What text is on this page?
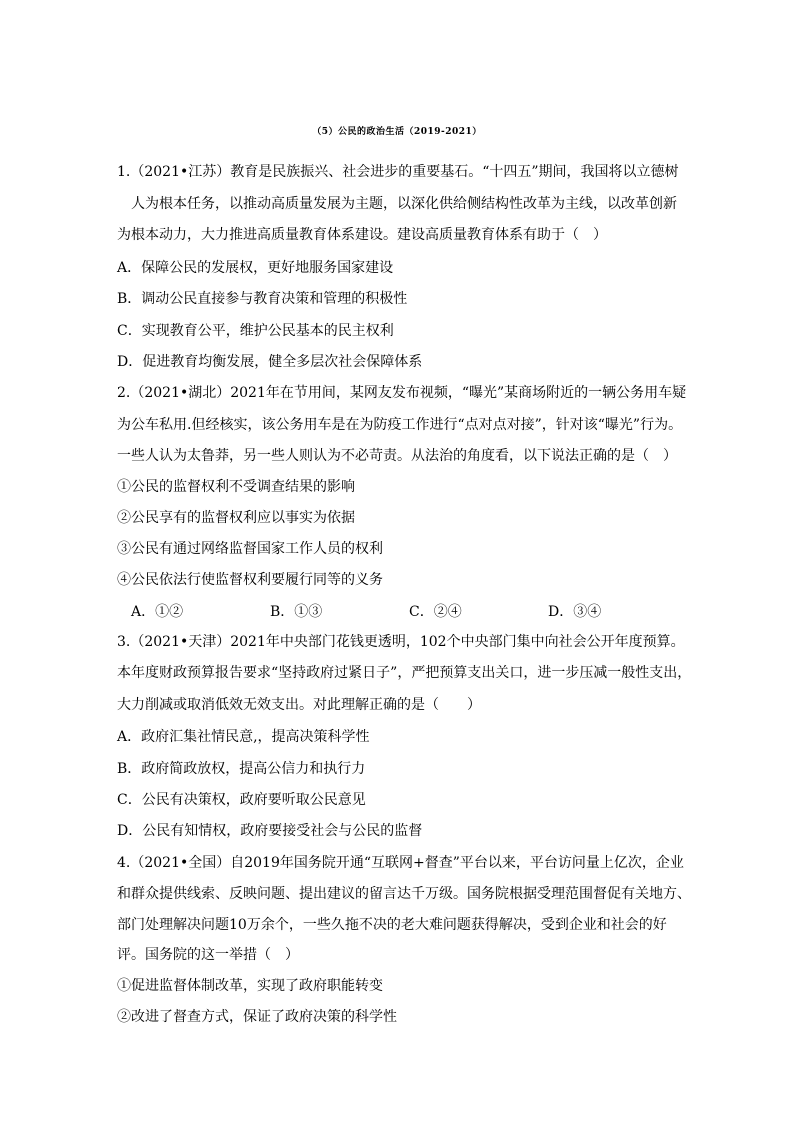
（5）公民的政治生活（2019-2021）
1.（2021•江苏）教育是民族振兴、社会进步的重要基石。“十四五”期间，我国将以立德树
人为根本任务，以推动高质量发展为主题，以深化供给侧结构性改革为主线，以改革创新
为根本动力，大力推进高质量教育体系建设。建设高质量教育体系有助于（　）
A．保障公民的发展权，更好地服务国家建设
B．调动公民直接参与教育决策和管理的积极性
C．实现教育公平，维护公民基本的民主权利
D．促进教育均衡发展，健全多层次社会保障体系
2.（2021•湖北）2021年在节用间，某网友发布视频，“曝光”某商场附近的一辆公务用车疑
为公车私用.但经核实，该公务用车是在为防疫工作进行“点对点对接”，针对该“曝光”行为。
一些人认为太鲁莽，另一些人则认为不必苛责。从法治的角度看，以下说法正确的是（　）
①公民的监督权利不受调查结果的影响
②公民享有的监督权利应以事实为依据
③公民有通过网络监督国家工作人员的权利
④公民依法行使监督权利要履行同等的义务
A．①②	B．①③	C．②④	D．③④
3.（2021•天津）2021年中央部门花钱更透明，102个中央部门集中向社会公开年度预算。
本年度财政预算报告要求“坚持政府过紧日子”，严把预算支出关口，进一步压减一般性支出，
大力削减或取消低效无效支出。对此理解正确的是（　　）
A．政府汇集社情民意,，提高决策科学性
B．政府简政放权，提高公信力和执行力
C．公民有决策权，政府要听取公民意见
D．公民有知情权，政府要接受社会与公民的监督
4.（2021•全国）自2019年国务院开通“互联网+督查”平台以来，平台访问量上亿次，企业
和群众提供线索、反映问题、提出建议的留言达千万级。国务院根据受理范围督促有关地方、
部门处理解决问题10万余个，一些久拖不决的老大难问题获得解决，受到企业和社会的好
评。国务院的这一举措（　）
①促进监督体制改革，实现了政府职能转变
②改进了督查方式，保证了政府决策的科学性
